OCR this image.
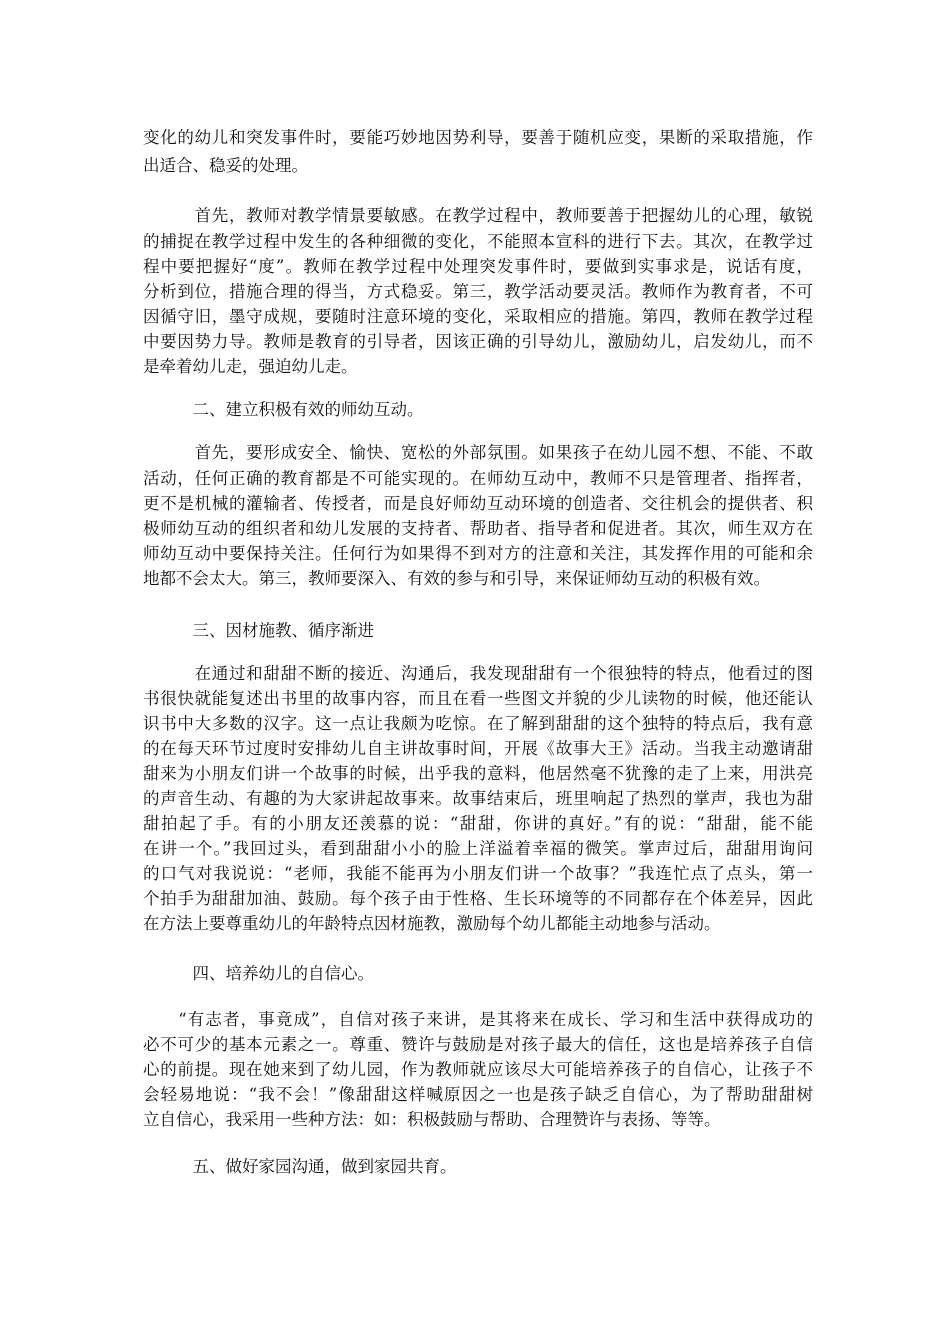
变化的幼儿和突发事件时，要能巧妙地因势利导，要善于随机应变，果断的采取措施，作
出适合、稳妥的处理。
　　　首先，教师对教学情景要敏感。在教学过程中，教师要善于把握幼儿的心理，敏锐
的捕捉在教学过程中发生的各种细微的变化，不能照本宣科的进行下去。其次，在教学过
程中要把握好“度”。教师在教学过程中处理突发事件时，要做到实事求是，说话有度，
分析到位，措施合理的得当，方式稳妥。第三，教学活动要灵活。教师作为教育者，不可
因循守旧，墨守成规，要随时注意环境的变化，采取相应的措施。第四，教师在教学过程
中要因势力导。教师是教育的引导者，因该正确的引导幼儿，激励幼儿，启发幼儿，而不
是牵着幼儿走，强迫幼儿走。
　　　二、建立积极有效的师幼互动。
　　　首先，要形成安全、愉快、宽松的外部氛围。如果孩子在幼儿园不想、不能、不敢
活动，任何正确的教育都是不可能实现的。在师幼互动中，教师不只是管理者、指挥者，
更不是机械的灌输者、传授者，而是良好师幼互动环境的创造者、交往机会的提供者、积
极师幼互动的组织者和幼儿发展的支持者、帮助者、指导者和促进者。其次，师生双方在
师幼互动中要保持关注。任何行为如果得不到对方的注意和关注，其发挥作用的可能和余
地都不会太大。第三，教师要深入、有效的参与和引导，来保证师幼互动的积极有效。
　　　三、因材施教、循序渐进
　　　在通过和甜甜不断的接近、沟通后，我发现甜甜有一个很独特的特点，他看过的图
书很快就能复述出书里的故事内容，而且在看一些图文并貌的少儿读物的时候，他还能认
识书中大多数的汉字。这一点让我颇为吃惊。在了解到甜甜的这个独特的特点后，我有意
的在每天环节过度时安排幼儿自主讲故事时间，开展《故事大王》活动。当我主动邀请甜
甜来为小朋友们讲一个故事的时候，出乎我的意料，他居然毫不犹豫的走了上来，用洪亮
的声音生动、有趣的为大家讲起故事来。故事结束后，班里响起了热烈的掌声，我也为甜
甜拍起了手。有的小朋友还羡慕的说：“甜甜，你讲的真好。”有的说：“甜甜，能不能
在讲一个。”我回过头，看到甜甜小小的脸上洋溢着幸福的微笑。掌声过后，甜甜用询问
的口气对我说说：“老师，我能不能再为小朋友们讲一个故事？”我连忙点了点头，第一
个拍手为甜甜加油、鼓励。每个孩子由于性格、生长环境等的不同都存在个体差异，因此
在方法上要尊重幼儿的年龄特点因材施教，激励每个幼儿都能主动地参与活动。
　　　四、培养幼儿的自信心。
　　“有志者，事竟成”，自信对孩子来讲，是其将来在成长、学习和生活中获得成功的
必不可少的基本元素之一。尊重、赞许与鼓励是对孩子最大的信任，这也是培养孩子自信
心的前提。现在她来到了幼儿园，作为教师就应该尽大可能培养孩子的自信心，让孩子不
会轻易地说：“我不会！”像甜甜这样喊原因之一也是孩子缺乏自信心，为了帮助甜甜树
立自信心，我采用一些种方法：如：积极鼓励与帮助、合理赞许与表扬、等等。
　　　五、做好家园沟通，做到家园共育。
